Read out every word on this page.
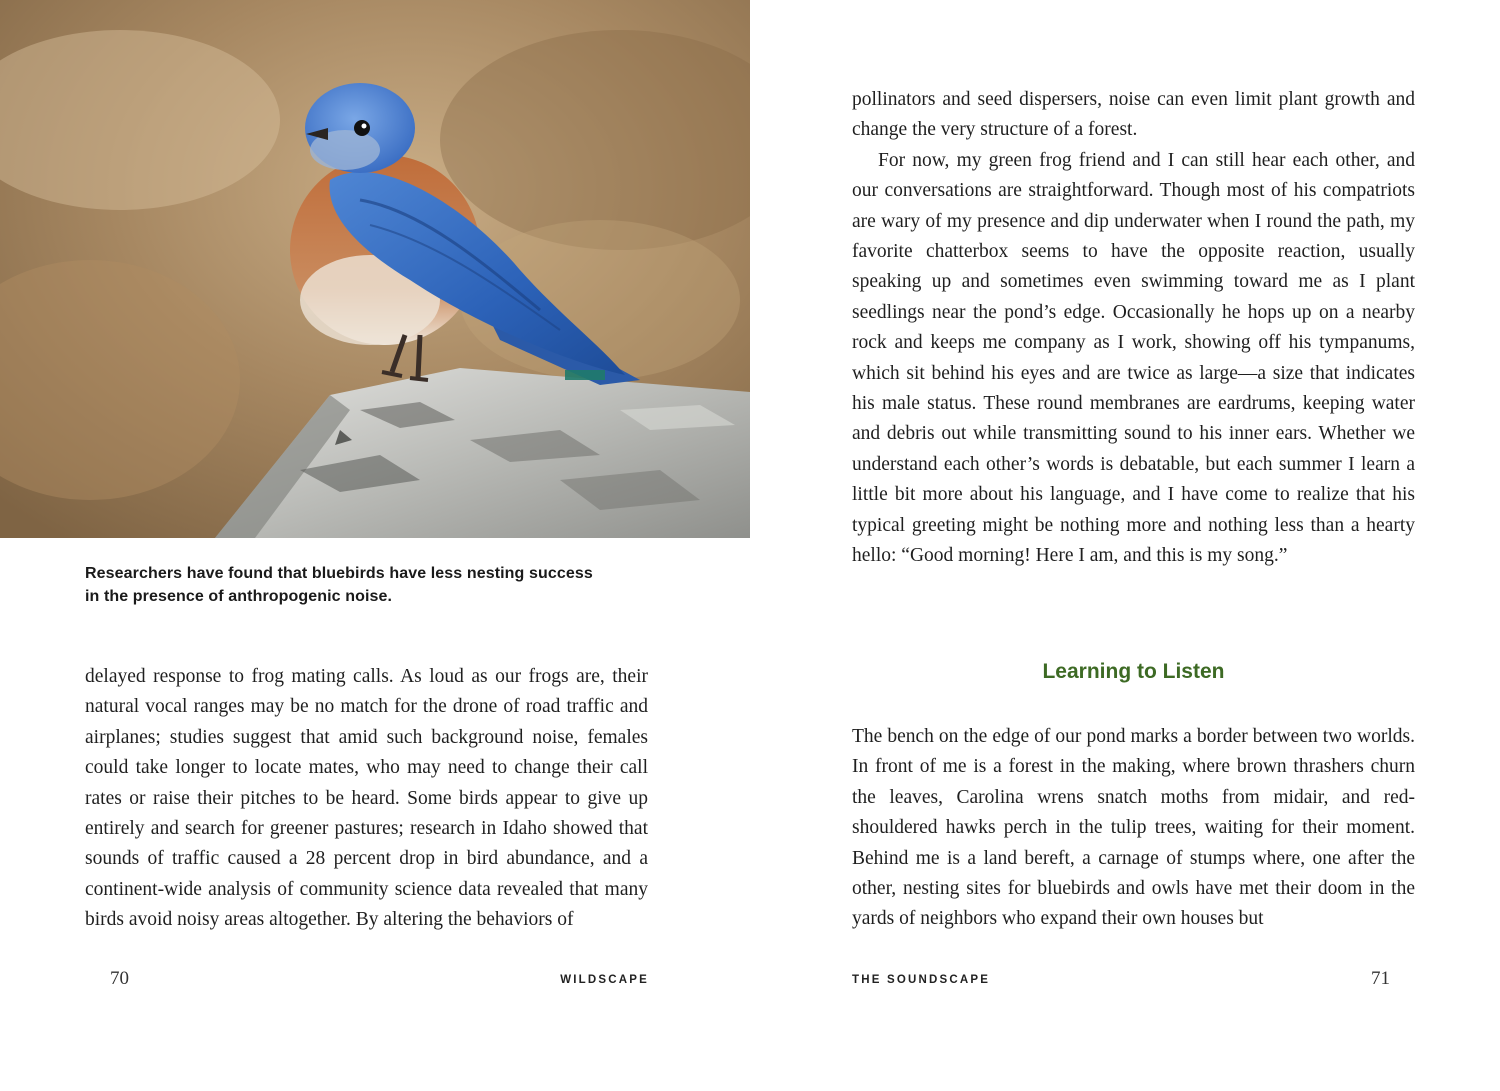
Researchers have found that bluebirds have less nesting success in the presence of anthropogenic noise.

delayed response to frog mating calls. As loud as our frogs are, their natural vocal ranges may be no match for the drone of road traffic and airplanes; studies suggest that amid such background noise, females could take longer to locate mates, who may need to change their call rates or raise their pitches to be heard. Some birds appear to give up entirely and search for greener pastures; research in Idaho showed that sounds of traffic caused a 28 percent drop in bird abundance, and a continent-wide analysis of community science data revealed that many birds avoid noisy areas altogether. By altering the behaviors of

70	WILDSCAPE

pollinators and seed dispersers, noise can even limit plant growth and change the very structure of a forest.

For now, my green frog friend and I can still hear each other, and our conversations are straightforward. Though most of his compatriots are wary of my presence and dip underwater when I round the path, my favorite chatterbox seems to have the opposite reaction, usually speaking up and sometimes even swimming toward me as I plant seedlings near the pond’s edge. Occasionally he hops up on a nearby rock and keeps me company as I work, showing off his tympanums, which sit behind his eyes and are twice as large—a size that indicates his male status. These round membranes are eardrums, keeping water and debris out while transmitting sound to his inner ears. Whether we understand each other’s words is debatable, but each summer I learn a little bit more about his language, and I have come to realize that his typical greeting might be nothing more and nothing less than a hearty hello: “Good morning! Here I am, and this is my song.”

Learning to Listen

The bench on the edge of our pond marks a border between two worlds. In front of me is a forest in the making, where brown thrashers churn the leaves, Carolina wrens snatch moths from midair, and red-shouldered hawks perch in the tulip trees, waiting for their moment. Behind me is a land bereft, a carnage of stumps where, one after the other, nesting sites for bluebirds and owls have met their doom in the yards of neighbors who expand their own houses but

THE SOUNDSCAPE	71
